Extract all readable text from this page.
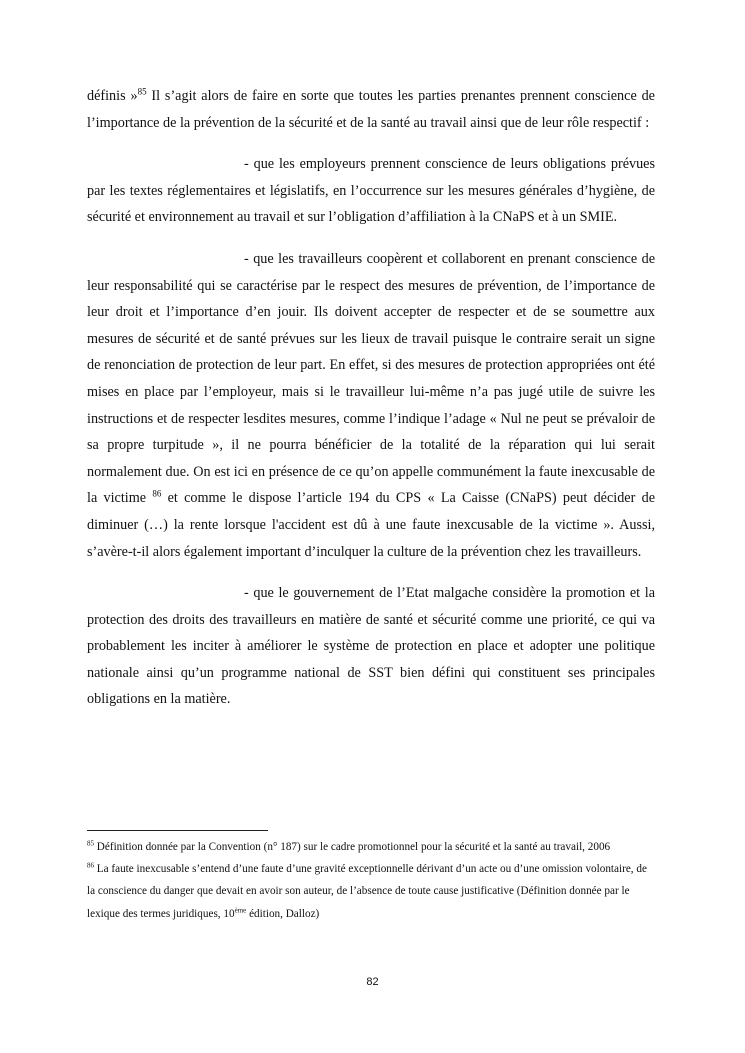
définis »$^{85}$ Il s’agit alors de faire en sorte que toutes les parties prenantes prennent conscience de l’importance de la prévention de la sécurité et de la santé au travail ainsi que de leur rôle respectif :

- que les employeurs prennent conscience de leurs obligations prévues par les textes réglementaires et législatifs, en l’occurrence sur les mesures générales d’hygiène, de sécurité et environnement au travail et sur l’obligation d’affiliation à la CNaPS et à un SMIE.

- que les travailleurs coopèrent et collaborent en prenant conscience de leur responsabilité qui se caractérise par le respect des mesures de prévention, de l’importance de leur droit et l’importance d’en jouir. Ils doivent accepter de respecter et de se soumettre aux mesures de sécurité et de santé prévues sur les lieux de travail puisque le contraire serait un signe de renonciation de protection de leur part. En effet, si des mesures de protection appropriées ont été mises en place par l’employeur, mais si le travailleur lui-même n’a pas jugé utile de suivre les instructions et de respecter lesdites mesures, comme l’indique l’adage « Nul ne peut se prévaloir de sa propre turpitude », il ne pourra bénéficier de la totalité de la réparation qui lui serait normalement due. On est ici en présence de ce qu’on appelle communément la faute inexcusable de la victime $^{86}$ et comme le dispose l’article 194 du CPS « La Caisse (CNaPS) peut décider de diminuer (…) la rente lorsque l'accident est dû à une faute inexcusable de la victime ». Aussi, s’avère-t-il alors également important d’inculquer la culture de la prévention chez les travailleurs.

- que le gouvernement de l’Etat malgache considère la promotion et la protection des droits des travailleurs en matière de santé et sécurité comme une priorité, ce qui va probablement les inciter à améliorer le système de protection en place et adopter une politique nationale ainsi qu’un programme national de SST bien défini qui constituent ses principales obligations en la matière.

$^{85}$ Définition donnée par la Convention (n° 187) sur le cadre promotionnel pour la sécurité et la santé au travail, 2006

$^{86}$ La faute inexcusable s’entend d’une faute d’une gravité exceptionnelle dérivant d’un acte ou d’une omission volontaire, de la conscience du danger que devait en avoir son auteur, de l’absence de toute cause justificative (Définition donnée par le lexique des termes juridiques, 10ème édition, Dalloz)

82
